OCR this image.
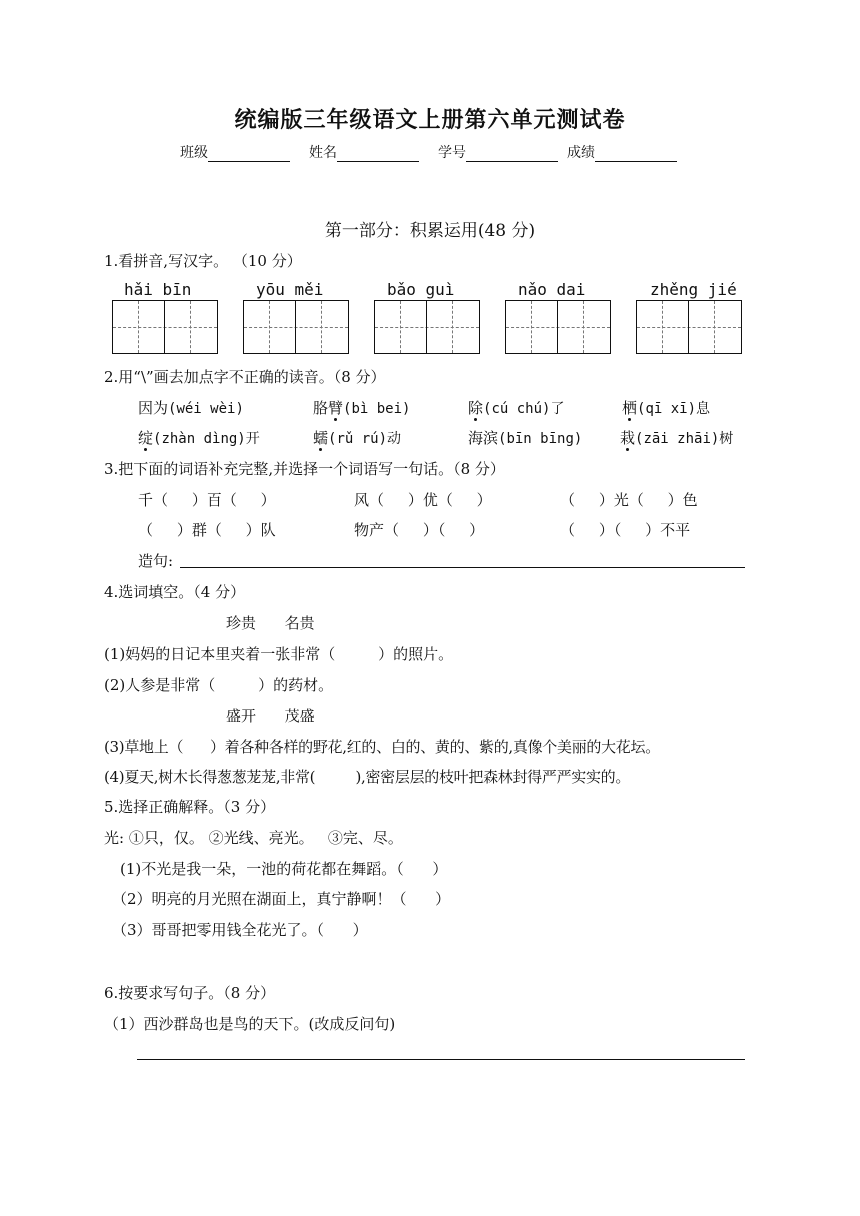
统编版三年级语文上册第六单元测试卷
班级	姓名	学号	成绩
第一部分：积累运用(48 分)
1.看拼音,写汉字。 （10 分）
hǎi bīn	yōu měi	bǎo guì	nǎo dai	zhěng jié
2.用“\”画去加点字不正确的读音。（8 分）
因为(wéi wèi)	胳臂(bì bei)	除(cú chú)了	栖(qī xī)息
绽(zhàn dìng)开	蠕(rǔ rú)动	海滨(bīn bīng)	栽(zāi zhāi)树
3.把下面的词语补充完整,并选择一个词语写一句话。（8 分）
千（     ）百（     ）	风（     ）优（     ）	（     ）光（     ）色
（     ）群（     ）队	物产（     ）（     ）	（     ）（     ）不平
造句:
4.选词填空。（4 分）
珍贵      名贵
(1)妈妈的日记本里夹着一张非常（         ）的照片。
(2)人参是非常（         ）的药材。
盛开      茂盛
(3)草地上（      ）着各种各样的野花,红的、白的、黄的、紫的,真像个美丽的大花坛。
(4)夏天,树木长得葱葱茏茏,非常(         ),密密层层的枝叶把森林封得严严实实的。
5.选择正确解释。（3 分）
光: ①只，仅。 ②光线、亮光。   ③完、尽。
(1)不光是我一朵，一池的荷花都在舞蹈。（      ）
（2）明亮的月光照在湖面上，真宁静啊！（      ）
（3）哥哥把零用钱全花光了。（      ）
6.按要求写句子。（8 分）
（1）西沙群岛也是鸟的天下。(改成反问句)
